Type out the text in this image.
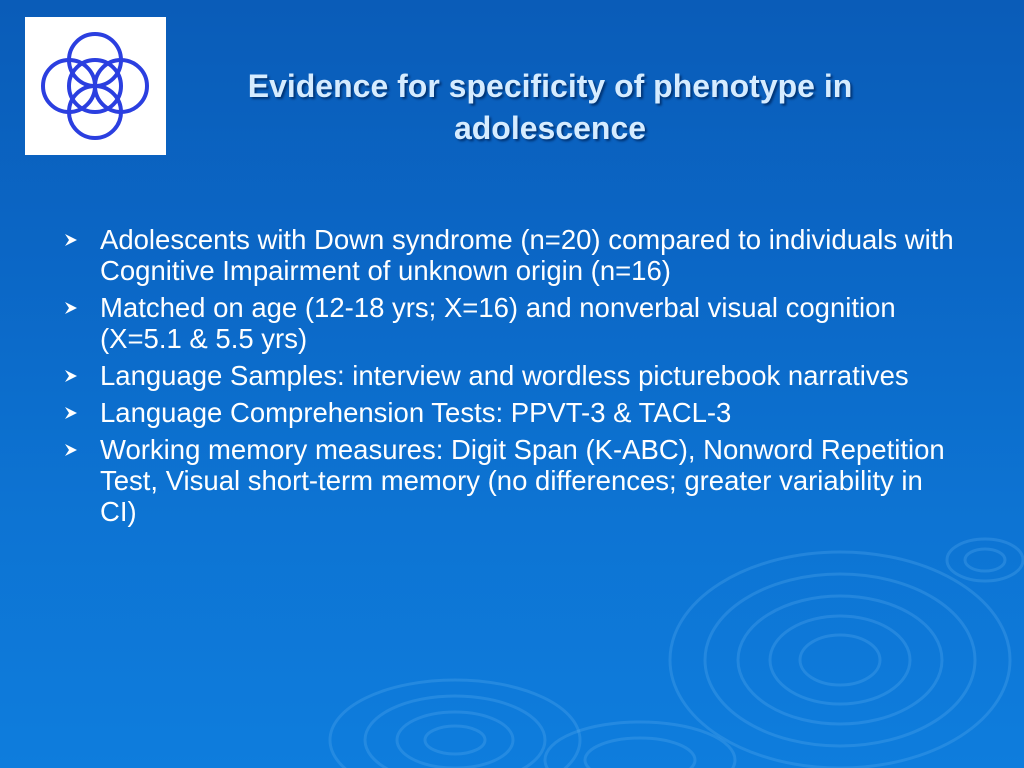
Evidence for specificity of phenotype in adolescence
Adolescents with Down syndrome (n=20) compared to individuals with Cognitive Impairment of unknown origin (n=16)
Matched on age (12-18 yrs; X=16) and nonverbal visual cognition (X=5.1 & 5.5 yrs)
Language Samples: interview and wordless picturebook narratives
Language Comprehension Tests: PPVT-3 & TACL-3
Working memory measures: Digit Span (K-ABC), Nonword Repetition Test, Visual short-term memory (no differences; greater variability in CI)
